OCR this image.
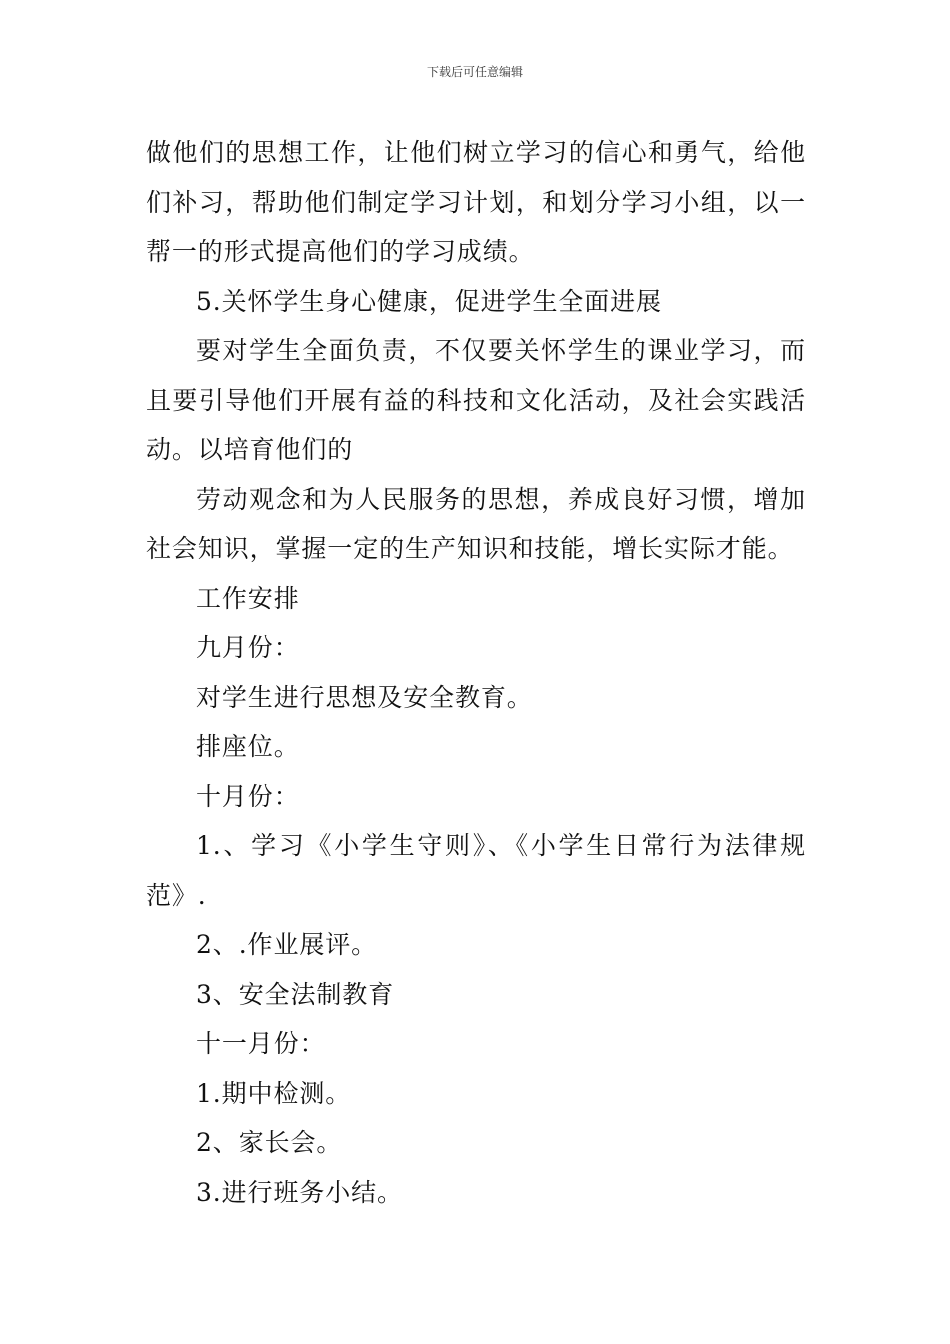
下载后可任意编辑

做他们的思想工作，让他们树立学习的信心和勇气，给他们补习，帮助他们制定学习计划，和划分学习小组，以一帮一的形式提高他们的学习成绩。

5.关怀学生身心健康，促进学生全面进展

要对学生全面负责，不仅要关怀学生的课业学习，而且要引导他们开展有益的科技和文化活动，及社会实践活动。以培育他们的

劳动观念和为人民服务的思想，养成良好习惯，增加社会知识，掌握一定的生产知识和技能，增长实际才能。

工作安排

九月份：

对学生进行思想及安全教育。

排座位。

十月份：

1.、学习《小学生守则》、《小学生日常行为法律规范》.

2、.作业展评。

3、安全法制教育

十一月份：

1.期中检测。

2、家长会。

3.进行班务小结。
